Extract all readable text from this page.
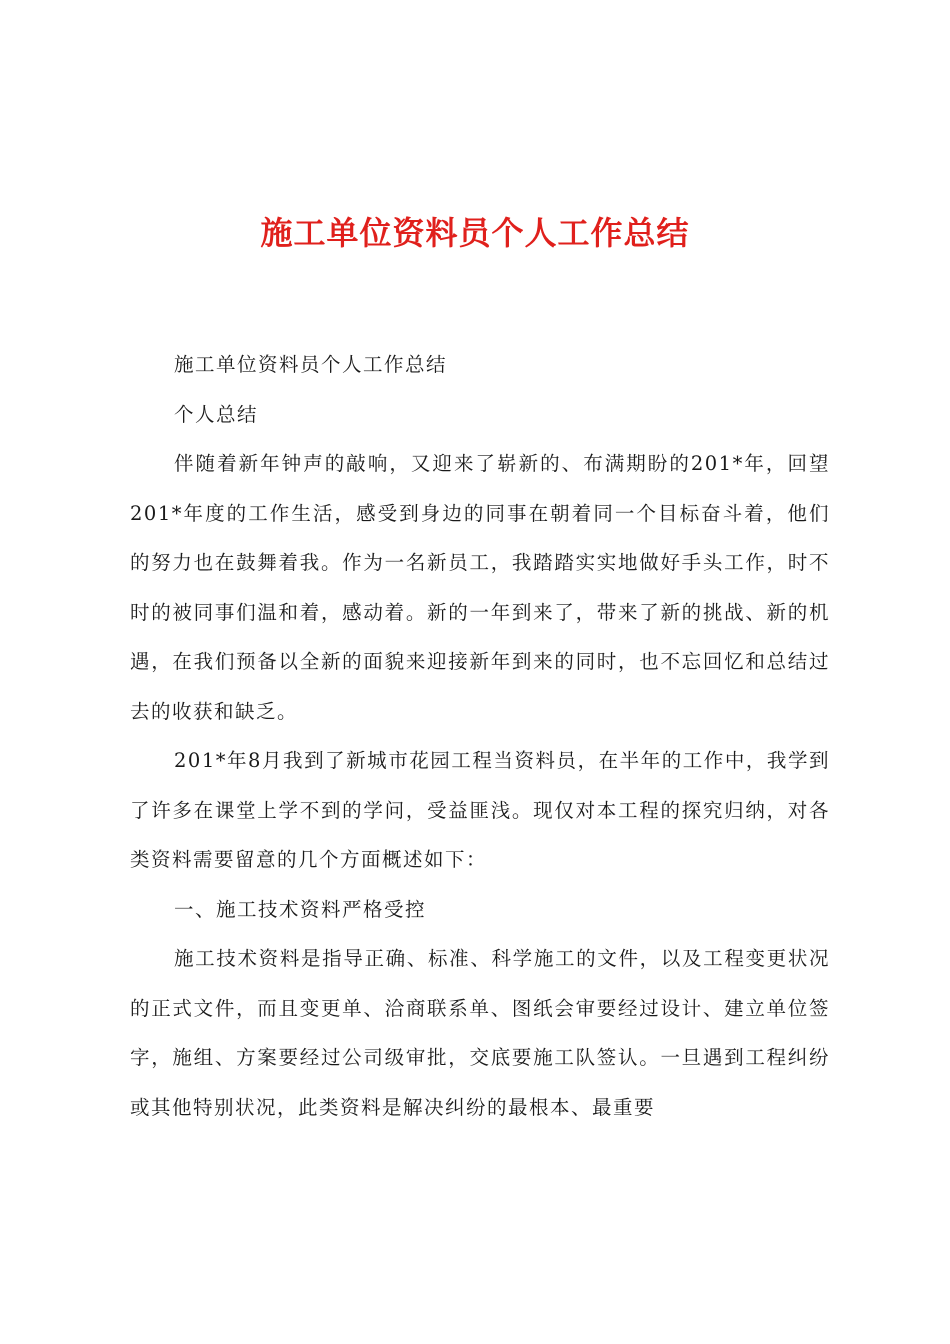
施工单位资料员个人工作总结

施工单位资料员个人工作总结

个人总结

伴随着新年钟声的敲响，又迎来了崭新的、布满期盼的201*年，回望201*年度的工作生活，感受到身边的同事在朝着同一个目标奋斗着，他们的努力也在鼓舞着我。作为一名新员工，我踏踏实实地做好手头工作，时不时的被同事们温和着，感动着。新的一年到来了，带来了新的挑战、新的机遇，在我们预备以全新的面貌来迎接新年到来的同时，也不忘回忆和总结过去的收获和缺乏。

201*年8月我到了新城市花园工程当资料员，在半年的工作中，我学到了许多在课堂上学不到的学问，受益匪浅。现仅对本工程的探究归纳，对各类资料需要留意的几个方面概述如下：

一、施工技术资料严格受控

施工技术资料是指导正确、标准、科学施工的文件，以及工程变更状况的正式文件，而且变更单、洽商联系单、图纸会审要经过设计、建立单位签字，施组、方案要经过公司级审批，交底要施工队签认。一旦遇到工程纠纷或其他特别状况，此类资料是解决纠纷的最根本、最重要
